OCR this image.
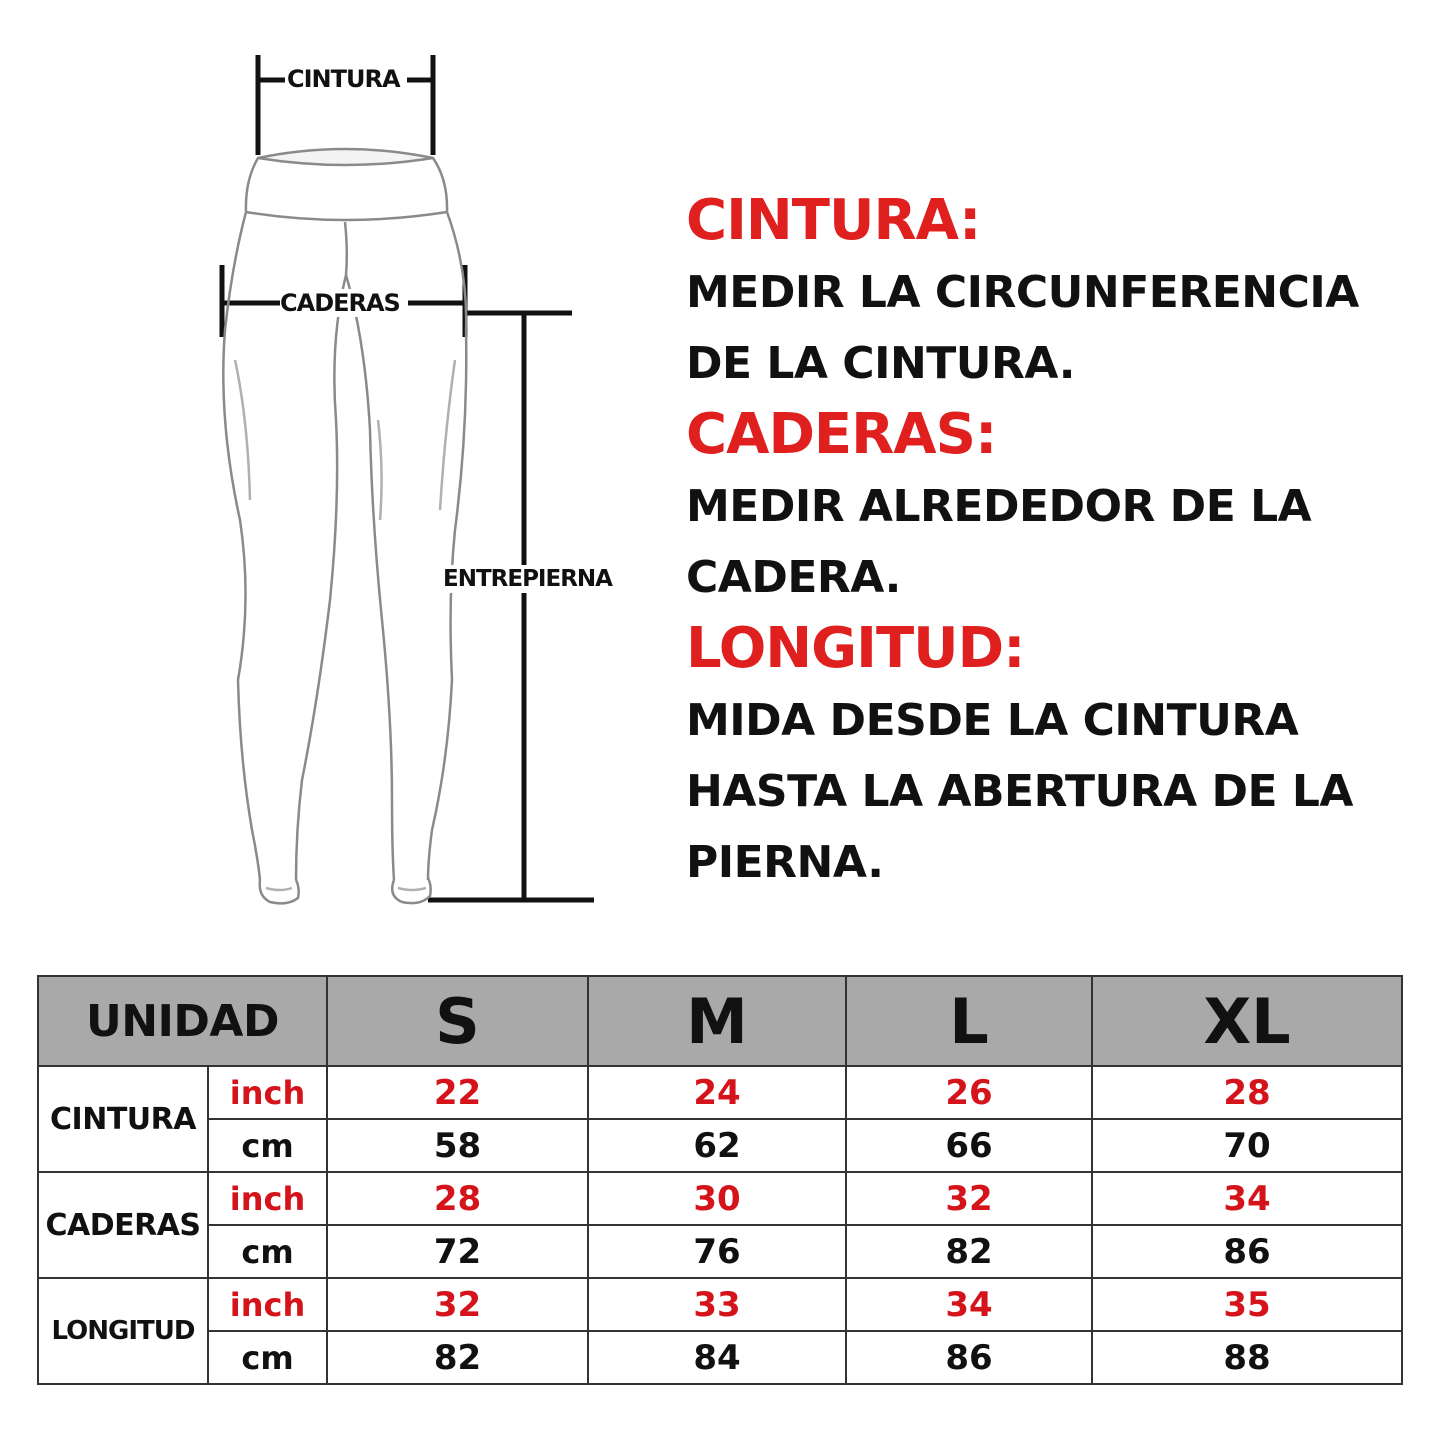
CINTURA
CADERAS
ENTREPIERNA

CINTURA:

MEDIR LA CIRCUNFERENCIA

DE LA CINTURA.

CADERAS:

MEDIR ALREDEDOR DE LA

CADERA.

LONGITUD:

MIDA DESDE LA CINTURA

HASTA LA ABERTURA DE LA

PIERNA.

UNIDAD		S	M	L	XL
CINTURA	inch	22	24	26	28
	cm	58	62	66	70
CADERAS	inch	28	30	32	34
	cm	72	76	82	86
LONGITUD	inch	32	33	34	35
	cm	82	84	86	88
